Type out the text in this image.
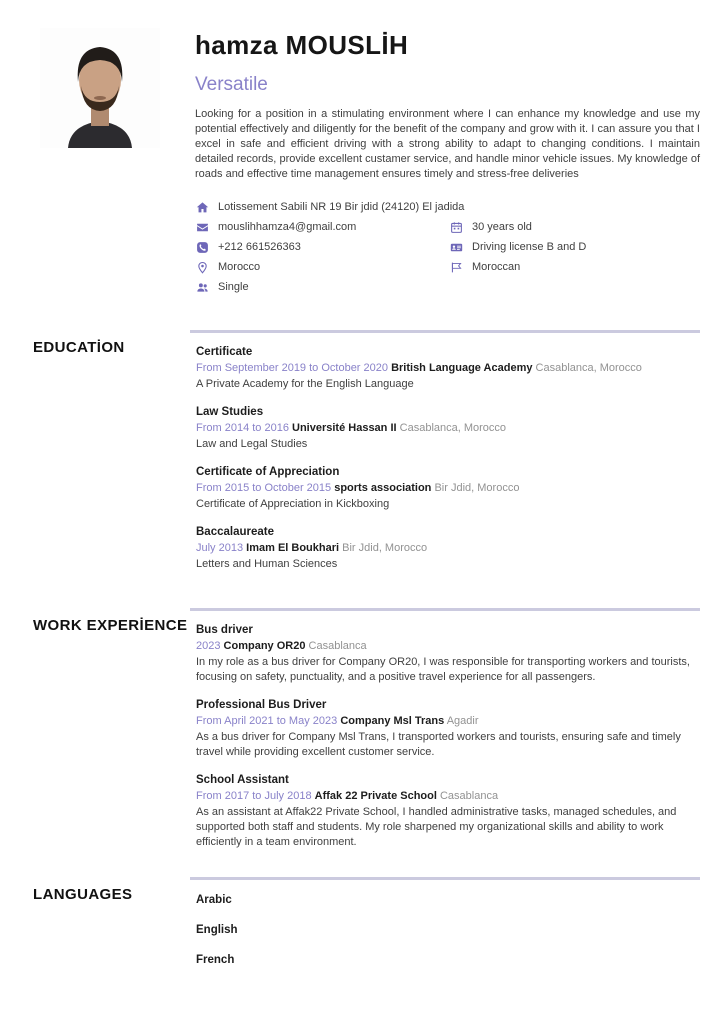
hamza MOUSLİH
Versatile
Looking for a position in a stimulating environment where I can enhance my knowledge and use my potential effectively and diligently for the benefit of the company and grow with it. I can assure you that I excel in safe and efficient driving with a strong ability to adapt to changing conditions. I maintain detailed records, provide excellent custamer service, and handle minor vehicle issues. My knowledge of roads and effective time management ensures timely and stress-free deliveries
Lotissement Sabili NR 19 Bir jdid (24120) El jadida
mouslihhamza4@gmail.com
+212 661526363
Morocco
Single
30 years old
Driving license B and D
Moroccan
EDUCATİON	Certificate
From September 2019 to October 2020 British Language Academy Casablanca, Morocco
A Private Academy for the English Language
Law Studies
From 2014 to 2016 Université Hassan II Casablanca, Morocco
Law and Legal Studies
Certificate of Appreciation
From 2015 to October 2015 sports association Bir Jdid, Morocco
Certificate of Appreciation in Kickboxing
Baccalaureate
July 2013 Imam El Boukhari Bir Jdid, Morocco
Letters and Human Sciences
WORK EXPERİENCE Bus driver
2023 Company OR20 Casablanca
In my role as a bus driver for Company OR20, I was responsible for transporting workers and tourists, focusing on safety, punctuality, and a positive travel experience for all passengers.
Professional Bus Driver
From April 2021 to May 2023 Company Msl Trans Agadir
As a bus driver for Company Msl Trans, I transported workers and tourists, ensuring safe and timely travel while providing excellent customer service.
School Assistant
From 2017 to July 2018 Affak 22 Private School Casablanca
As an assistant at Affak22 Private School, I handled administrative tasks, managed schedules, and supported both staff and students. My role sharpened my organizational skills and ability to work efficiently in a team environment.
LANGUAGES	Arabic
English
French
